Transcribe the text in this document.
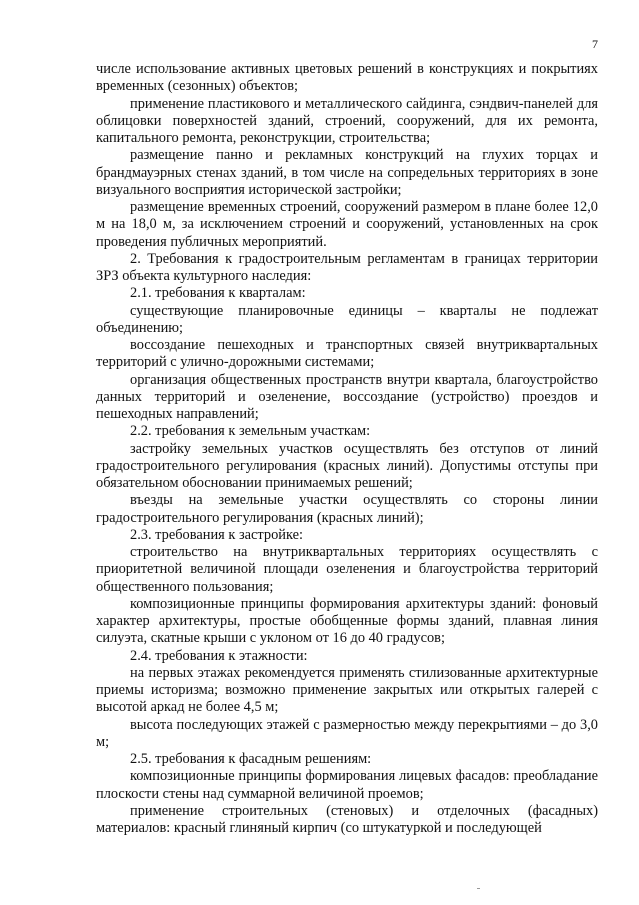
7

числе использование активных цветовых решений в конструкциях и покрытиях временных (сезонных) объектов;

применение пластикового и металлического сайдинга, сэндвич-панелей для облицовки поверхностей зданий, строений, сооружений, для их ремонта, капитального ремонта, реконструкции, строительства;

размещение панно и рекламных конструкций на глухих торцах и брандмауэрных стенах зданий, в том числе на сопредельных территориях в зоне визуального восприятия исторической застройки;

размещение временных строений, сооружений размером в плане более 12,0 м на 18,0 м, за исключением строений и сооружений, установленных на срок проведения публичных мероприятий.

2. Требования к градостроительным регламентам в границах территории ЗРЗ объекта культурного наследия:

2.1. требования к кварталам:

существующие планировочные единицы – кварталы не подлежат объединению;

воссоздание пешеходных и транспортных связей внутриквартальных территорий с улично-дорожными системами;

организация общественных пространств внутри квартала, благоустройство данных территорий и озеленение, воссоздание (устройство) проездов и пешеходных направлений;

2.2. требования к земельным участкам:

застройку земельных участков осуществлять без отступов от линий градостроительного регулирования (красных линий). Допустимы отступы при обязательном обосновании принимаемых решений;

въезды на земельные участки осуществлять со стороны линии градостроительного регулирования (красных линий);

2.3. требования к застройке:

строительство на внутриквартальных территориях осуществлять с приоритетной величиной площади озеленения и благоустройства территорий общественного пользования;

композиционные принципы формирования архитектуры зданий: фоновый характер архитектуры, простые обобщенные формы зданий, плавная линия силуэта, скатные крыши с уклоном от 16 до 40 градусов;

2.4. требования к этажности:

на первых этажах рекомендуется применять стилизованные архитектурные приемы историзма; возможно применение закрытых или открытых галерей с высотой аркад не более 4,5 м;

высота последующих этажей с размерностью между перекрытиями – до 3,0 м;

2.5. требования к фасадным решениям:

композиционные принципы формирования лицевых фасадов: преобладание плоскости стены над суммарной величиной проемов;

применение строительных (стеновых) и отделочных (фасадных) материалов: красный глиняный кирпич (со штукатуркой и последующей
